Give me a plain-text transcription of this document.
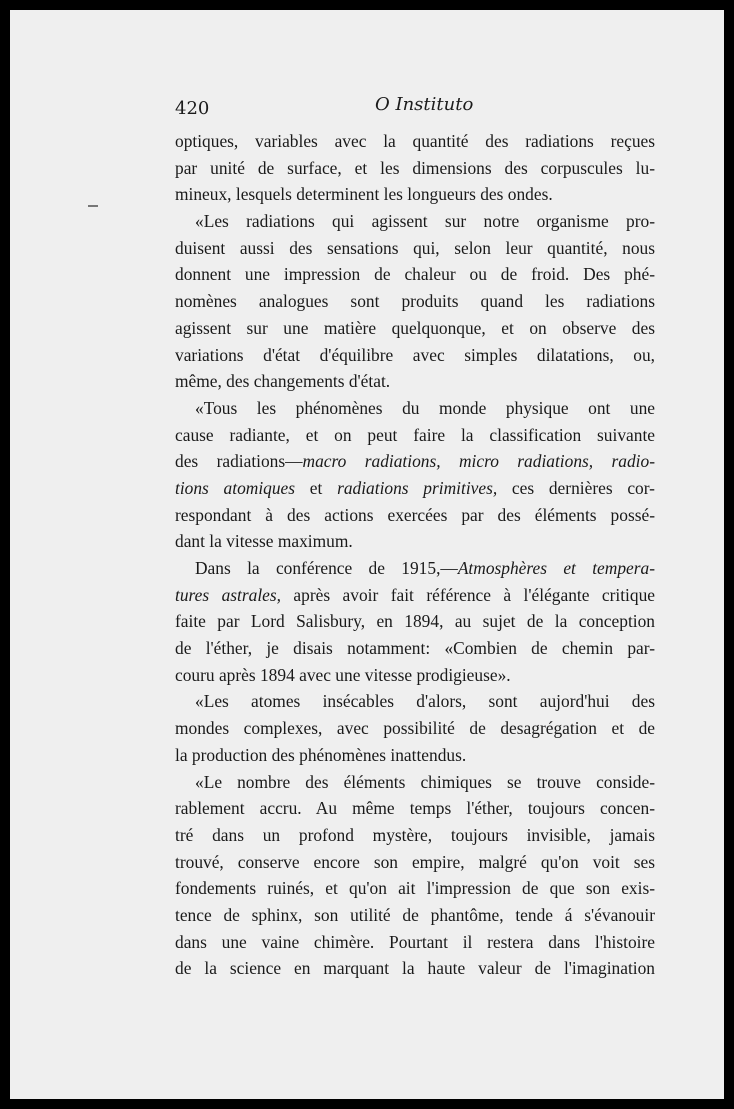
420	O Instituto
optiques, variables avec la quantité des radiations reçues
par unité de surface, et les dimensions des corpuscules lu-
mineux, lesquels determinent les longueurs des ondes.
«Les radiations qui agissent sur notre organisme pro-
duisent aussi des sensations qui, selon leur quantité, nous
donnent une impression de chaleur ou de froid. Des phé-
nomènes analogues sont produits quand les radiations
agissent sur une matière quelquonque, et on observe des
variations d'état d'équilibre avec simples dilatations, ou,
même, des changements d'état.
«Tous les phénomènes du monde physique ont une
cause radiante, et on peut faire la classification suivante
des radiations—macro radiations, micro radiations, radio-
tions atomiques et radiations primitives, ces dernières cor-
respondant à des actions exercées par des éléments possé-
dant la vitesse maximum.
Dans la conférence de 1915,—Atmosphères et tempera-
tures astrales, après avoir fait référence à l'élégante critique
faite par Lord Salisbury, en 1894, au sujet de la conception
de l'éther, je disais notamment: «Combien de chemin par-
couru après 1894 avec une vitesse prodigieuse».
«Les atomes insécables d'alors, sont aujord'hui des
mondes complexes, avec possibilité de desagrégation et de
la production des phénomènes inattendus.
«Le nombre des éléments chimiques se trouve conside-
rablement accru. Au même temps l'éther, toujours concen-
tré dans un profond mystère, toujours invisible, jamais
trouvé, conserve encore son empire, malgré qu'on voit ses
fondements ruinés, et qu'on ait l'impression de que son exis-
tence de sphinx, son utilité de phantôme, tende á s'évanouir
dans une vaine chimère. Pourtant il restera dans l'histoire
de la science en marquant la haute valeur de l'imagination
